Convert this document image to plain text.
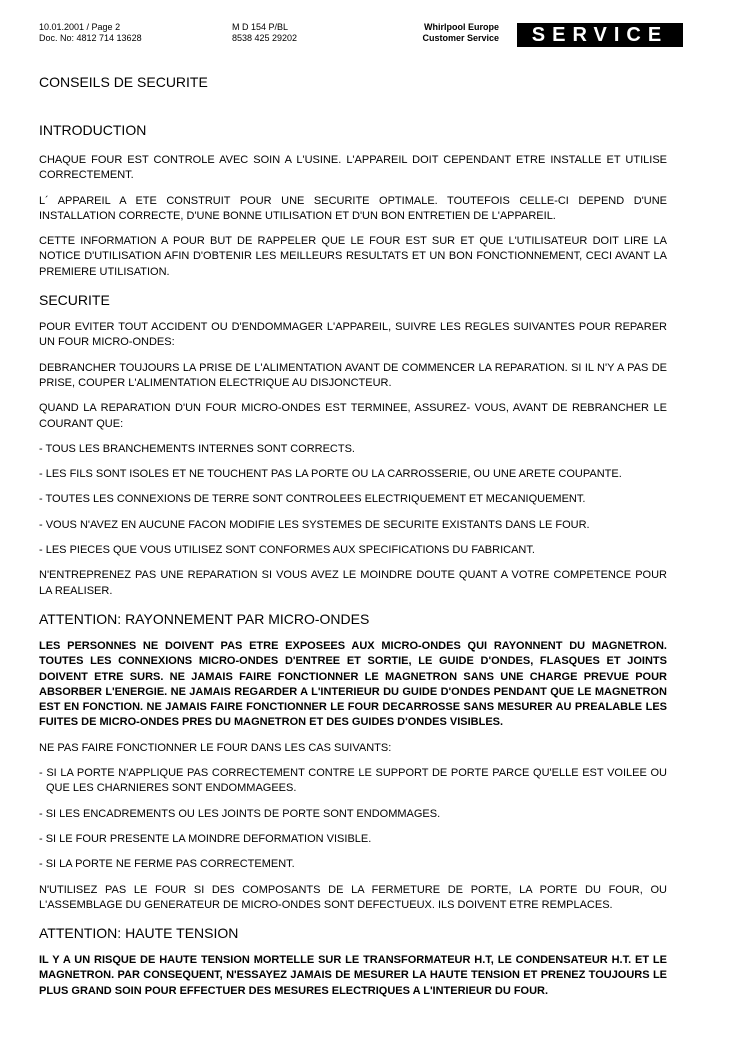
10.01.2001 / Page 2
Doc. No: 4812 714 13628
M D 154 P/BL
8538 425 29202
Whirlpool Europe
Customer Service	SERVICE
CONSEILS DE SECURITE
INTRODUCTION

CHAQUE FOUR EST CONTROLE AVEC SOIN A L'USINE. L'APPAREIL DOIT CEPENDANT ETRE INSTALLE ET UTILISE CORRECTEMENT.

L´ APPAREIL A ETE CONSTRUIT POUR UNE SECURITE OPTIMALE. TOUTEFOIS CELLE-CI DEPEND D'UNE INSTALLATION CORRECTE, D'UNE BONNE UTILISATION ET D'UN BON ENTRETIEN DE L'APPAREIL.

CETTE INFORMATION A POUR BUT DE RAPPELER QUE LE FOUR EST SUR ET QUE L'UTILISATEUR DOIT LIRE LA NOTICE D'UTILISATION AFIN D'OBTENIR LES MEILLEURS RESULTATS ET UN BON FONCTIONNEMENT, CECI AVANT LA PREMIERE UTILISATION.

SECURITE

POUR EVITER TOUT ACCIDENT OU D'ENDOMMAGER L'APPAREIL, SUIVRE LES REGLES SUIVANTES POUR REPARER UN FOUR MICRO-ONDES:

DEBRANCHER TOUJOURS LA PRISE DE L'ALIMENTATION AVANT DE COMMENCER LA REPARATION. SI IL N'Y A PAS DE PRISE, COUPER L'ALIMENTATION ELECTRIQUE AU DISJONCTEUR.

QUAND LA REPARATION D'UN FOUR MICRO-ONDES EST TERMINEE, ASSUREZ- VOUS, AVANT DE REBRANCHER LE COURANT QUE:

- TOUS LES BRANCHEMENTS INTERNES SONT CORRECTS.

- LES FILS SONT ISOLES ET NE TOUCHENT PAS LA PORTE OU LA CARROSSERIE, OU UNE ARETE COUPANTE.

- TOUTES LES CONNEXIONS DE TERRE SONT CONTROLEES ELECTRIQUEMENT ET MECANIQUEMENT.

- VOUS N'AVEZ EN AUCUNE FACON MODIFIE LES SYSTEMES DE SECURITE EXISTANTS DANS LE FOUR.

- LES PIECES QUE VOUS UTILISEZ SONT CONFORMES AUX SPECIFICATIONS DU FABRICANT.

N'ENTREPRENEZ PAS UNE REPARATION SI VOUS AVEZ LE MOINDRE DOUTE QUANT A VOTRE COMPETENCE POUR LA REALISER.

ATTENTION: RAYONNEMENT PAR MICRO-ONDES

LES PERSONNES NE DOIVENT PAS ETRE EXPOSEES AUX MICRO-ONDES QUI RAYONNENT DU MAGNETRON. TOUTES LES CONNEXIONS MICRO-ONDES D'ENTREE ET SORTIE, LE GUIDE D'ONDES, FLASQUES ET JOINTS DOIVENT ETRE SURS. NE JAMAIS FAIRE FONCTIONNER LE MAGNETRON SANS UNE CHARGE PREVUE POUR ABSORBER L'ENERGIE. NE JAMAIS REGARDER A L'INTERIEUR DU GUIDE D'ONDES PENDANT QUE LE MAGNETRON EST EN FONCTION. NE JAMAIS FAIRE FONCTIONNER LE FOUR DECARROSSE SANS MESURER AU PREALABLE LES FUITES DE MICRO-ONDES PRES DU MAGNETRON ET DES GUIDES D'ONDES VISIBLES.

NE PAS FAIRE FONCTIONNER LE FOUR DANS LES CAS SUIVANTS:

- SI LA PORTE N'APPLIQUE PAS CORRECTEMENT CONTRE LE SUPPORT DE PORTE PARCE QU'ELLE EST VOILEE OU QUE LES CHARNIERES SONT ENDOMMAGEES.

- SI LES ENCADREMENTS OU LES JOINTS DE PORTE SONT ENDOMMAGES.

- SI LE FOUR PRESENTE LA MOINDRE DEFORMATION VISIBLE.

- SI LA PORTE NE FERME PAS CORRECTEMENT.

N'UTILISEZ PAS LE FOUR SI DES COMPOSANTS DE LA FERMETURE DE PORTE, LA PORTE DU FOUR, OU L'ASSEMBLAGE DU GENERATEUR DE MICRO-ONDES SONT DEFECTUEUX. ILS DOIVENT ETRE REMPLACES.

ATTENTION: HAUTE TENSION

IL Y A UN RISQUE DE HAUTE TENSION MORTELLE SUR LE TRANSFORMATEUR H.T, LE CONDENSATEUR H.T. ET LE MAGNETRON. PAR CONSEQUENT, N'ESSAYEZ JAMAIS DE MESURER LA HAUTE TENSION ET PRENEZ TOUJOURS LE PLUS GRAND SOIN POUR EFFECTUER DES MESURES ELECTRIQUES A L'INTERIEUR DU FOUR.
